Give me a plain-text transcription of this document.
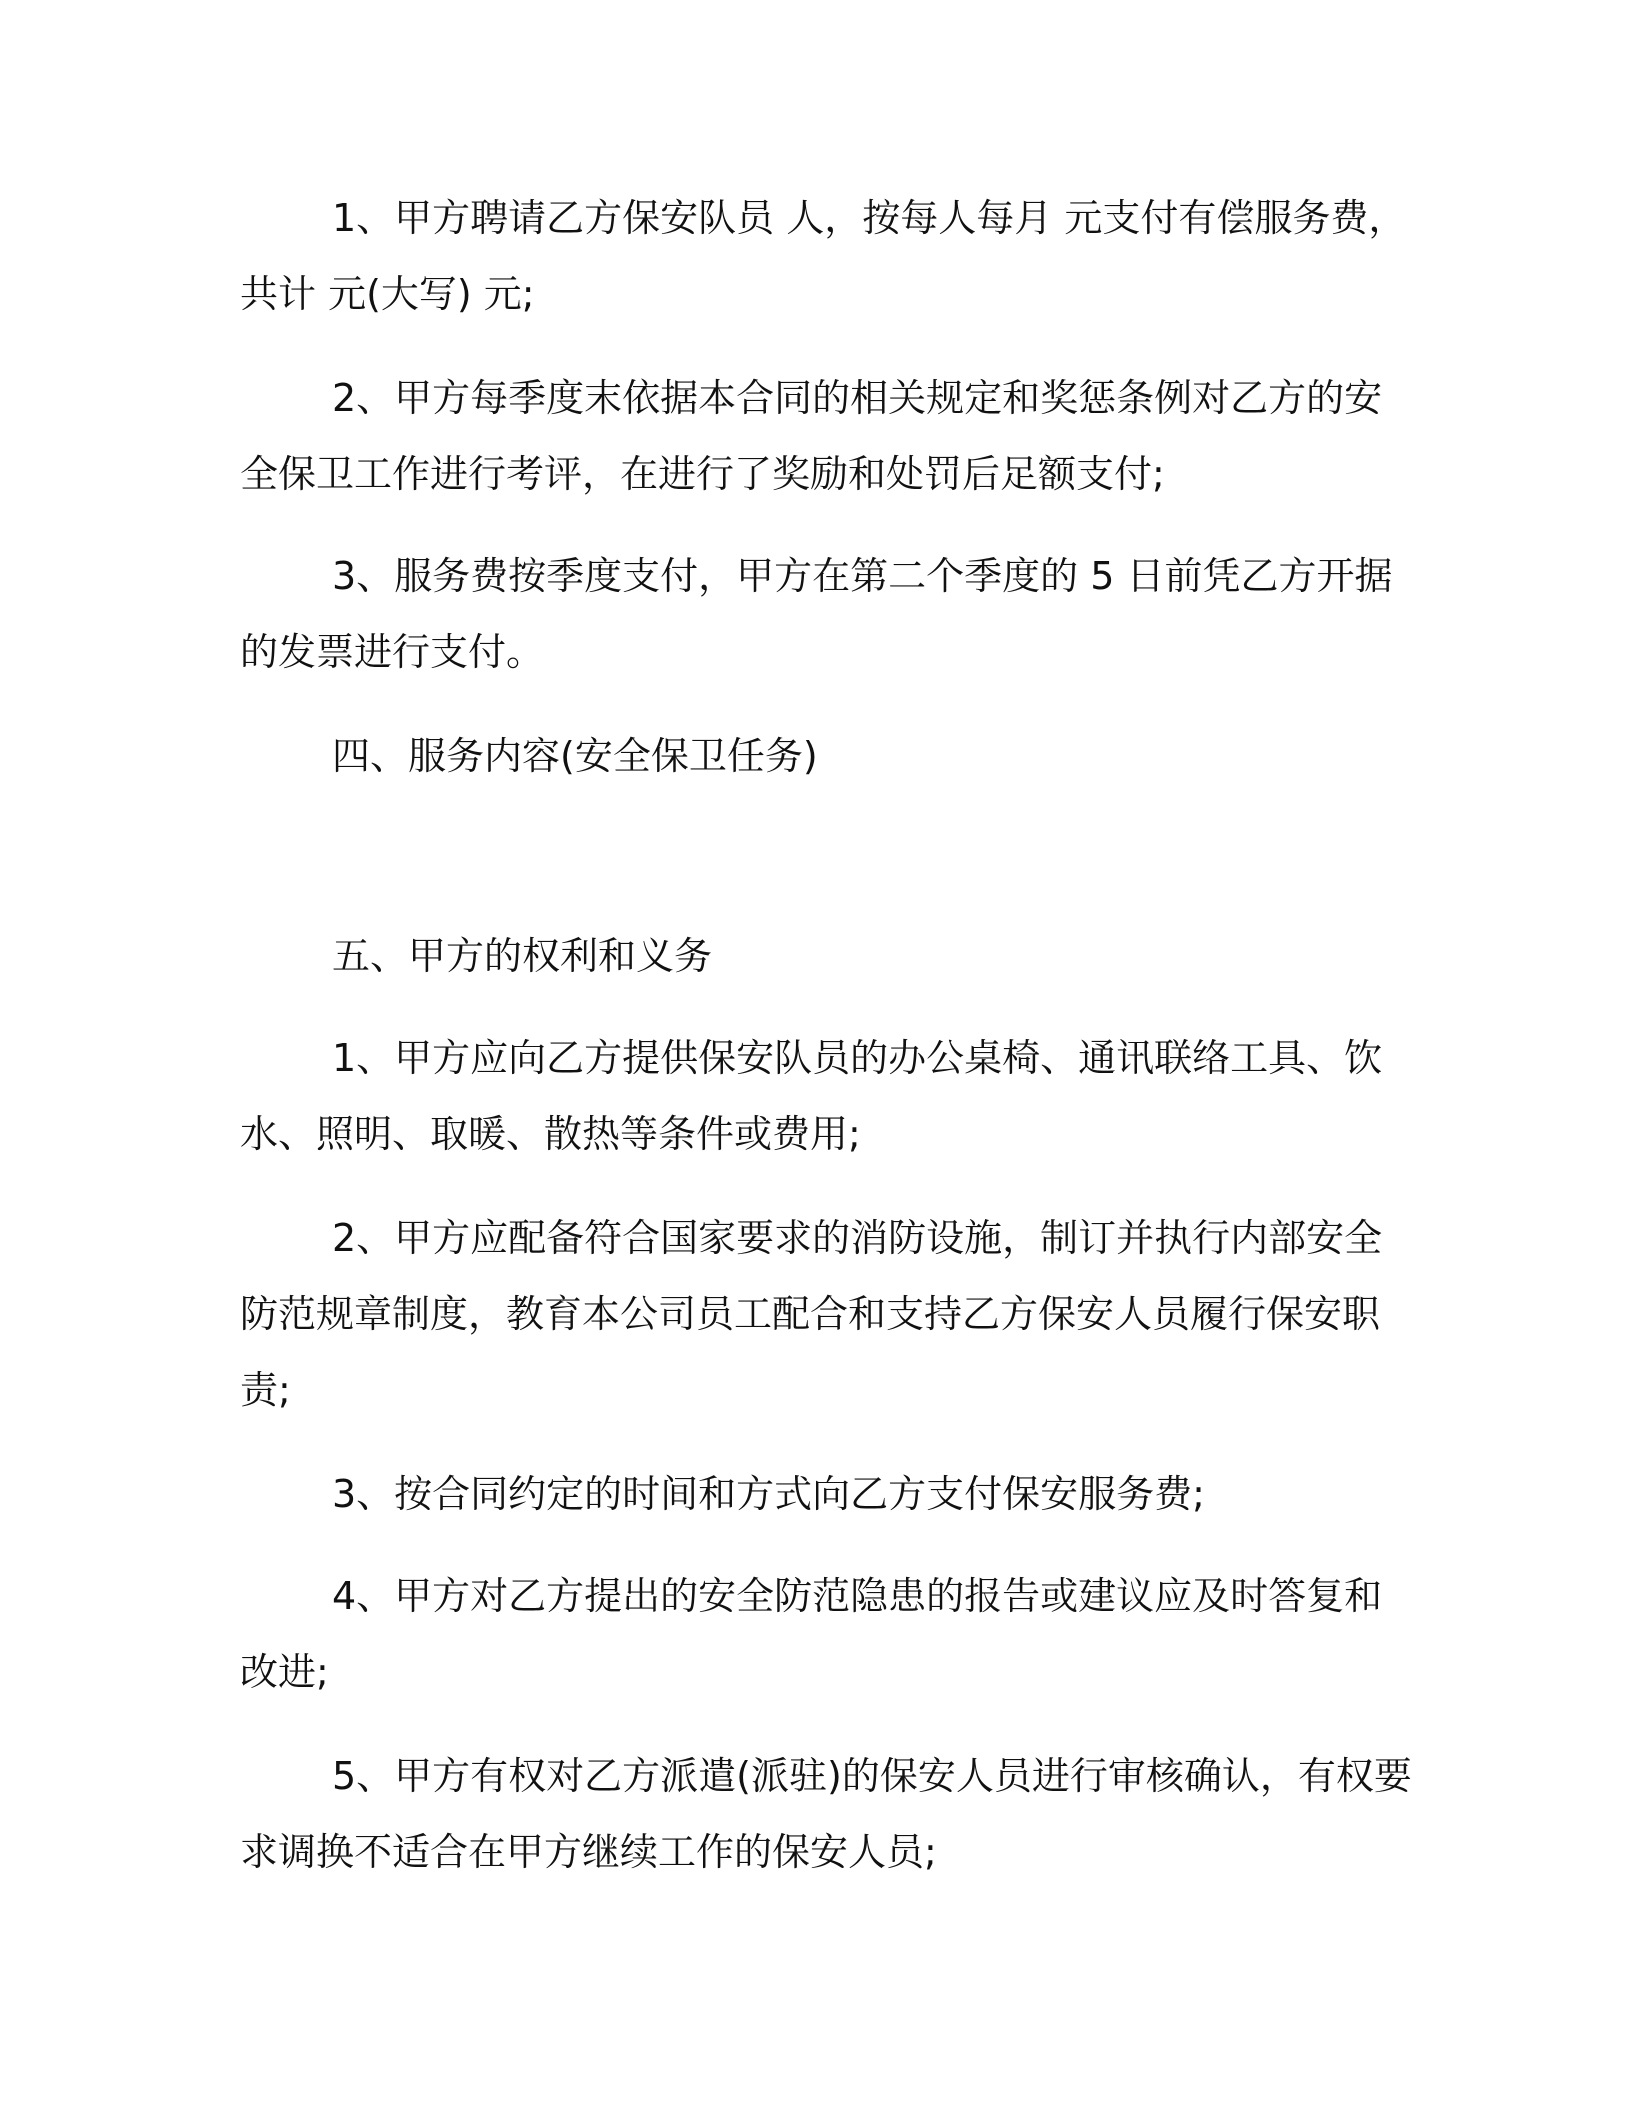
1、甲方聘请乙方保安队员 人，按每人每月 元支付有偿服务费，
共计 元(大写) 元;
2、甲方每季度末依据本合同的相关规定和奖惩条例对乙方的安
全保卫工作进行考评，在进行了奖励和处罚后足额支付;
3、服务费按季度支付，甲方在第二个季度的 5 日前凭乙方开据
的发票进行支付。
四、服务内容(安全保卫任务)
五、甲方的权利和义务
1、甲方应向乙方提供保安队员的办公桌椅、通讯联络工具、饮
水、照明、取暖、散热等条件或费用;
2、甲方应配备符合国家要求的消防设施，制订并执行内部安全
防范规章制度，教育本公司员工配合和支持乙方保安人员履行保安职
责;
3、按合同约定的时间和方式向乙方支付保安服务费;
4、甲方对乙方提出的安全防范隐患的报告或建议应及时答复和
改进;
5、甲方有权对乙方派遣(派驻)的保安人员进行审核确认，有权要
求调换不适合在甲方继续工作的保安人员;
